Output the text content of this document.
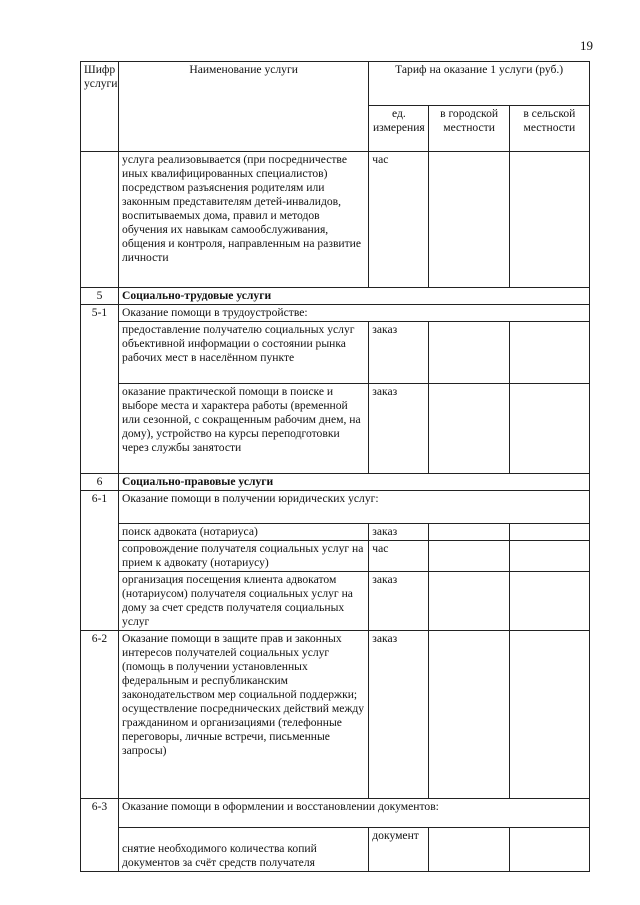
19
Шифр услуги	Наименование услуги	Тариф на оказание 1 услуги (руб.)		
		ед. измерения	в городской местности	в сельской местности
	услуга реализовывается (при посредничестве иных квалифицированных специалистов) посредством разъяснения родителям или законным представителям детей-инвалидов, воспитываемых дома, правил и методов обучения их навыкам самообслуживания, общения и контроля, направленным на развитие личности	час		
5	Социально-трудовые услуги			
5-1	Оказание помощи в трудоустройстве:			
	предоставление получателю социальных услуг объективной информации о состоянии рынка рабочих мест в населённом пункте	заказ		
	оказание практической помощи в поиске и выборе места и характера работы (временной или сезонной, с сокращенным рабочим днем, на дому), устройство на курсы переподготовки через службы занятости	заказ		
6	Социально-правовые услуги			
6-1	Оказание помощи в получении юридических услуг:			
	поиск адвоката (нотариуса)	заказ		
	сопровождение получателя социальных услуг на прием к адвокату (нотариусу)	час		
	организация посещения клиента адвокатом (нотариусом) получателя социальных услуг на дому за счет средств получателя социальных услуг	заказ		
6-2	Оказание помощи в защите прав и законных интересов получателей социальных услуг (помощь в получении установленных федеральным и республиканским законодательством мер социальной поддержки; осуществление посреднических действий между гражданином и организациями (телефонные переговоры, личные встречи, письменные запросы)	заказ		
6-3	Оказание помощи в оформлении и восстановлении документов:			
	снятие необходимого количества копий документов за счёт средств получателя	документ		
